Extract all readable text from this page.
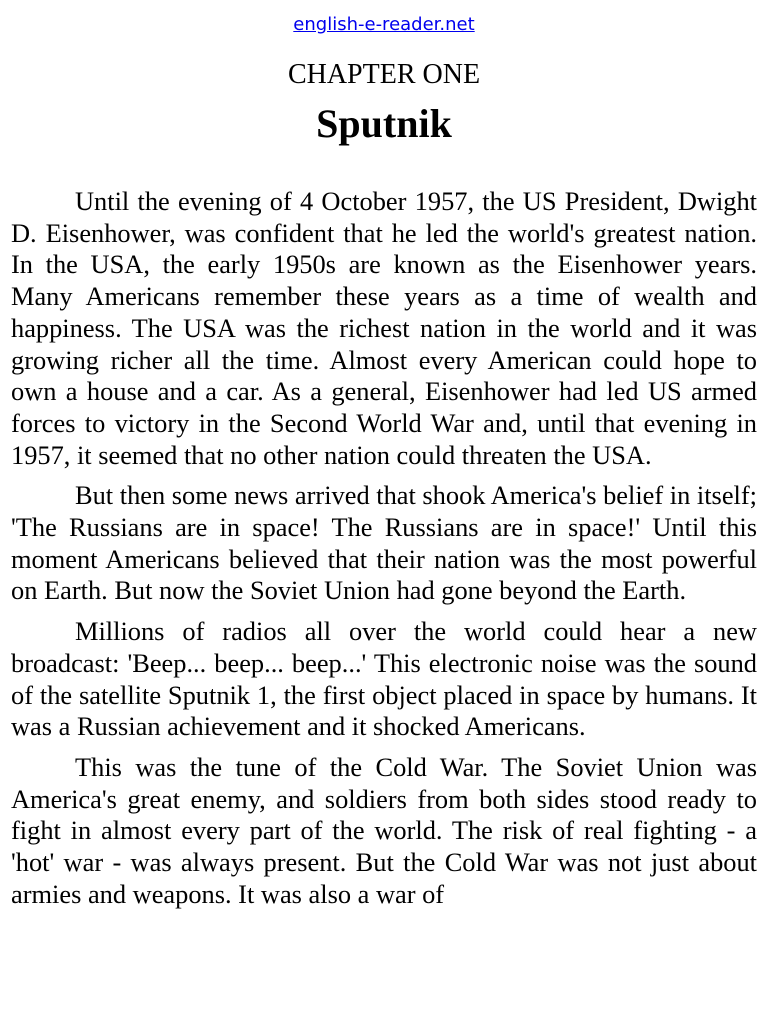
english-e-reader.net
CHAPTER ONE
Sputnik

Until the evening of 4 October 1957, the US President, Dwight D. Eisenhower, was confident that he led the world's greatest nation. In the USA, the early 1950s are known as the Eisenhower years. Many Americans remember these years as a time of wealth and happiness. The USA was the richest nation in the world and it was growing richer all the time. Almost every American could hope to own a house and a car. As a general, Eisenhower had led US armed forces to victory in the Second World War and, until that evening in 1957, it seemed that no other nation could threaten the USA.

But then some news arrived that shook America's belief in itself; 'The Russians are in space! The Russians are in space!' Until this moment Americans believed that their nation was the most powerful on Earth. But now the Soviet Union had gone beyond the Earth.

Millions of radios all over the world could hear a new broadcast: 'Beep... beep... beep...' This electronic noise was the sound of the satellite Sputnik 1, the first object placed in space by humans. It was a Russian achievement and it shocked Americans.

This was the tune of the Cold War. The Soviet Union was America's great enemy, and soldiers from both sides stood ready to fight in almost every part of the world. The risk of real fighting - a 'hot' war - was always present. But the Cold War was not just about armies and weapons. It was also a war of
